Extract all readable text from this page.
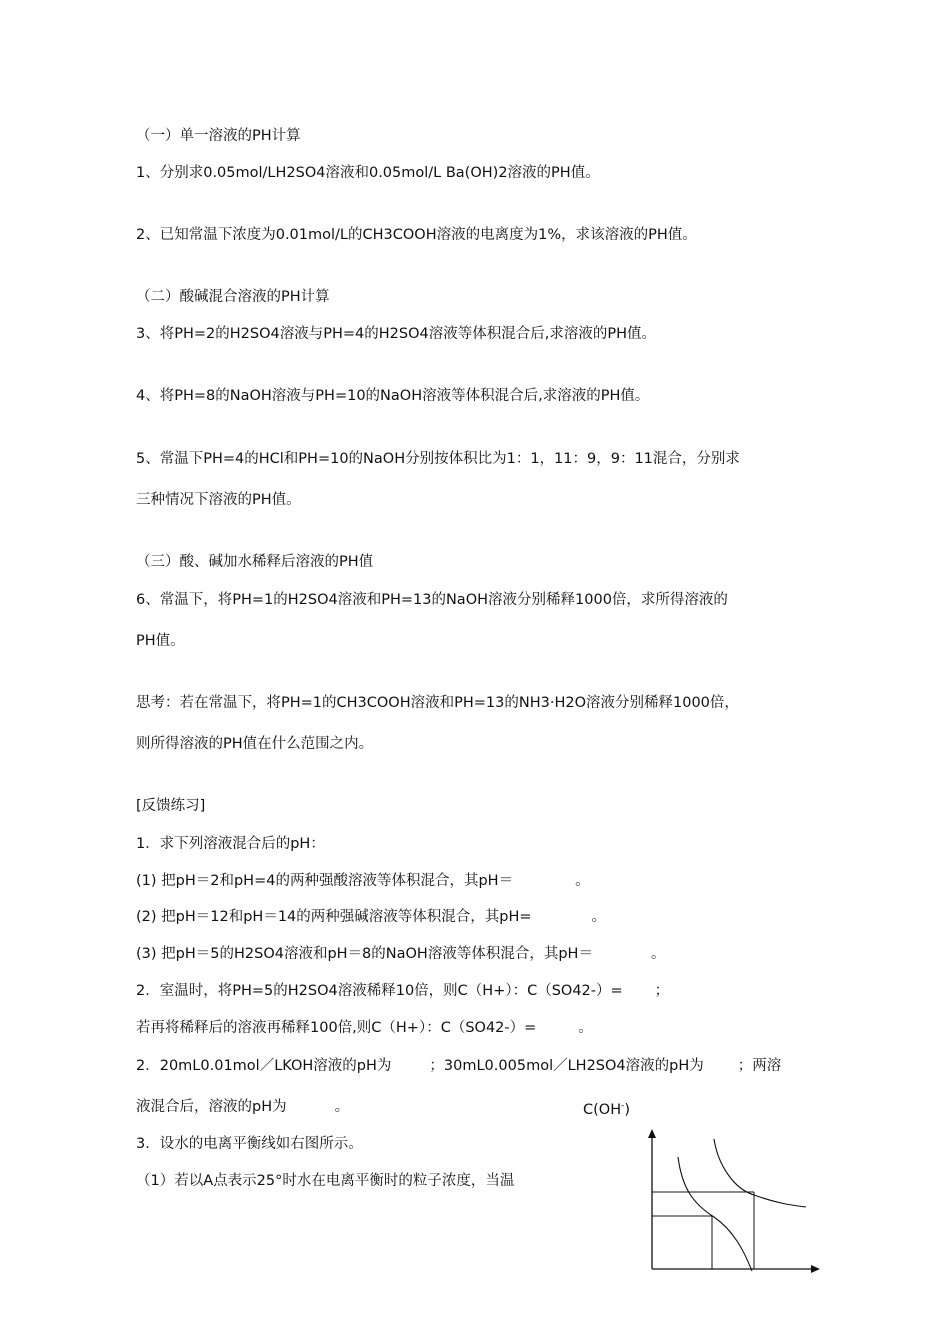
（一）单一溶液的PH计算
1、分别求0.05mol/LH2SO4溶液和0.05mol/L Ba(OH)2溶液的PH值。
2、已知常温下浓度为0.01mol/L的CH3COOH溶液的电离度为1%，求该溶液的PH值。
（二）酸碱混合溶液的PH计算
3、将PH=2的H2SO4溶液与PH=4的H2SO4溶液等体积混合后,求溶液的PH值。
4、将PH=8的NaOH溶液与PH=10的NaOH溶液等体积混合后,求溶液的PH值。
5、常温下PH=4的HCl和PH=10的NaOH分别按体积比为1：1，11：9，9：11混合，分别求
三种情况下溶液的PH值。
（三）酸、碱加水稀释后溶液的PH值
6、常温下，将PH=1的H2SO4溶液和PH=13的NaOH溶液分别稀释1000倍，求所得溶液的
PH值。
思考：若在常温下，将PH=1的CH3COOH溶液和PH=13的NH3·H2O溶液分别稀释1000倍，
则所得溶液的PH值在什么范围之内。
[反馈练习]
1．求下列溶液混合后的pH：
(1) 把pH＝2和pH=4的两种强酸溶液等体积混合，其pH＝	。
(2) 把pH＝12和pH＝14的两种强碱溶液等体积混合，其pH=	。
(3) 把pH＝5的H2SO4溶液和pH＝8的NaOH溶液等体积混合，其pH＝	。
2．室温时，将PH=5的H2SO4溶液稀释10倍，则C（H+）：C（SO42-）= ；
若再将稀释后的溶液再稀释100倍,则C（H+）：C（SO42-）=	。
2．20mL0.01mol／LKOH溶液的pH为	；30mL0.005mol／LH2SO4溶液的pH为 ；两溶
液混合后，溶液的pH为	。	C(OH-)
3．设水的电离平衡线如右图所示。
（1）若以A点表示25°时水在电离平衡时的粒子浓度，当温
